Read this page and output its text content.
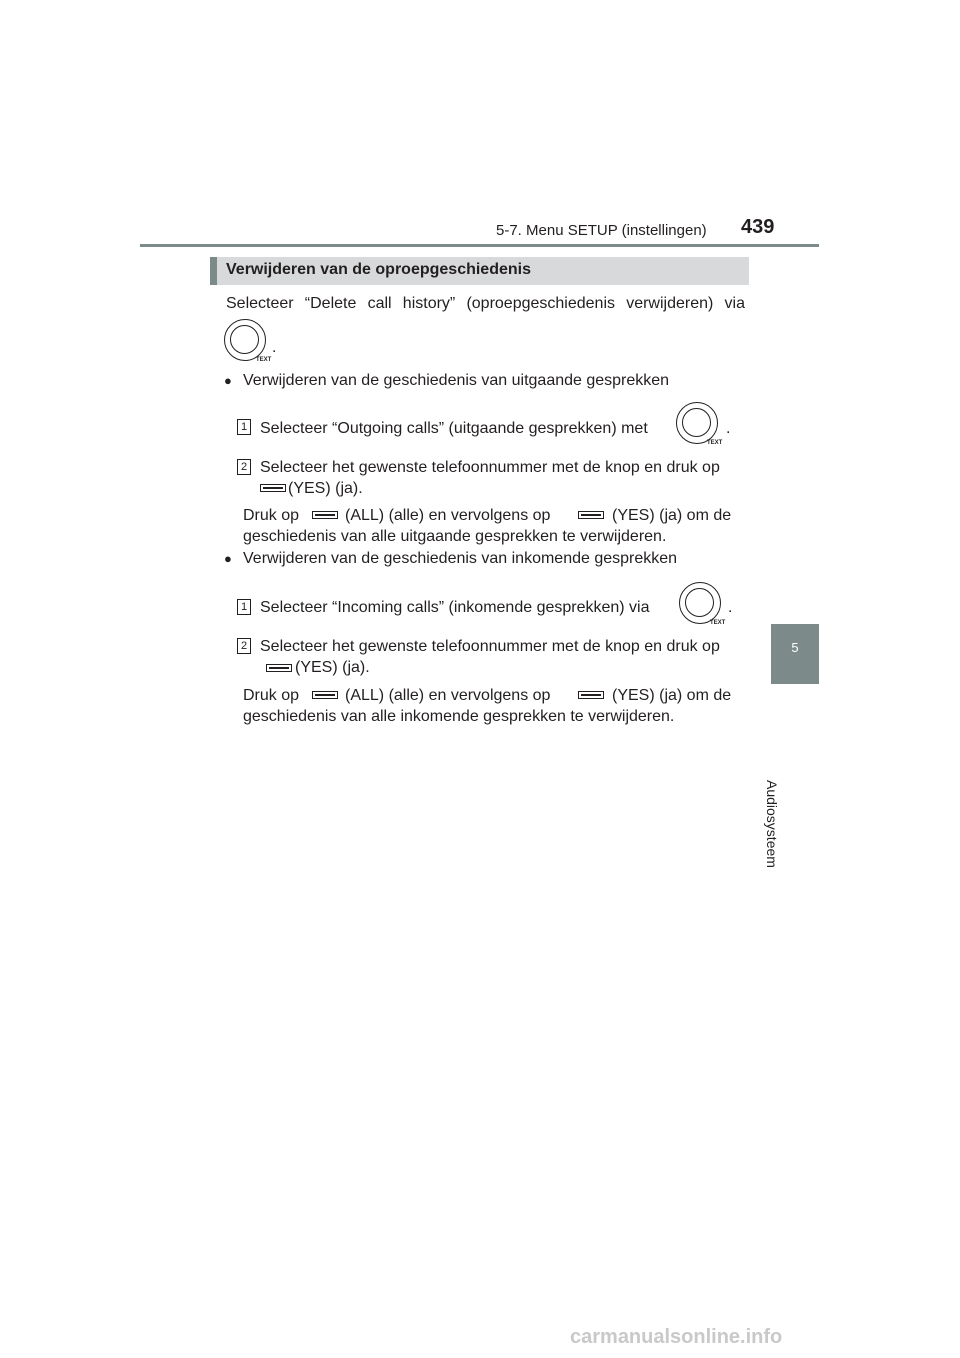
5-7. Menu SETUP (instellingen) 439
5
Audiosysteem
Verwijderen van de oproepgeschiedenis
Selecteer “Delete call history” (oproepgeschiedenis verwijderen) via
TEXT
.
● Verwijderen van de geschiedenis van uitgaande gesprekken
1 Selecteer “Outgoing calls” (uitgaande gesprekken) met
TEXT
.
2 Selecteer het gewenste telefoonnummer met de knop en druk op
(YES) (ja).
Druk op	(ALL) (alle) en vervolgens op	(YES) (ja) om de
geschiedenis van alle uitgaande gesprekken te verwijderen.
● Verwijderen van de geschiedenis van inkomende gesprekken
1 Selecteer “Incoming calls” (inkomende gesprekken) via
TEXT
.
2 Selecteer het gewenste telefoonnummer met de knop en druk op
(YES) (ja).
Druk op	(ALL) (alle) en vervolgens op	(YES) (ja) om de
geschiedenis van alle inkomende gesprekken te verwijderen.
carmanualsonline.info
